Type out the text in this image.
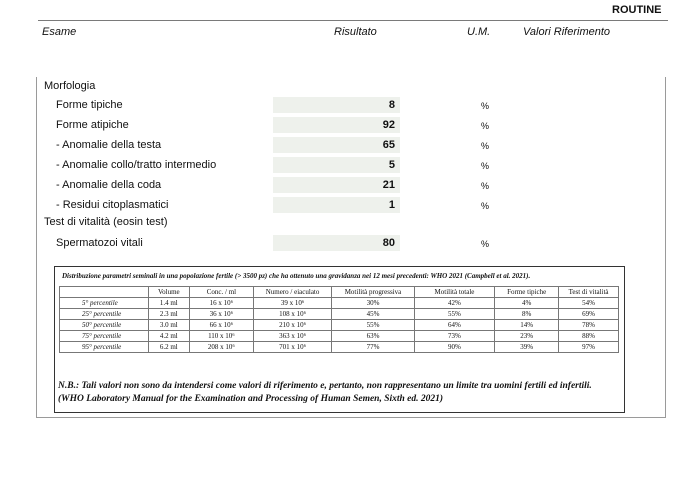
ROUTINE
Esame	Risultato	U.M.	Valori Riferimento
Morfologia
Forme tipiche	8	%
Forme atipiche	92	%
- Anomalie della testa	65	%
- Anomalie collo/tratto intermedio	5	%
- Anomalie della coda	21	%
- Residui citoplasmatici	1	%
Test di vitalità (eosin test)
Spermatozoi vitali	80	%
Distribuzione parametri seminali in una popolazione fertile (> 3500 pz) che ha ottenuto una gravidanza nei 12 mesi precedenti: WHO 2021 (Campbell et al. 2021).
	Volume	Conc. / ml	Numero / eiaculato	Motilità progressiva	Motilità totale	Forme tipiche	Test di vitalità
5° percentile	1.4 ml	16 x 10⁶	39 x 10⁶	30%	42%	4%	54%
25° percentile	2.3 ml	36 x 10⁶	108 x 10⁶	45%	55%	8%	69%
50° percentile	3.0 ml	66 x 10⁶	210 x 10⁶	55%	64%	14%	78%
75° percentile	4.2 ml	110 x 10⁶	363 x 10⁶	63%	73%	23%	88%
95° percentile	6.2 ml	208 x 10⁶	701 x 10⁶	77%	90%	39%	97%
N.B.: Tali valori non sono da intendersi come valori di riferimento e, pertanto, non rappresentano un limite tra uomini fertili ed infertili. (WHO Laboratory Manual for the Examination and Processing of Human Semen, Sixth ed. 2021)
